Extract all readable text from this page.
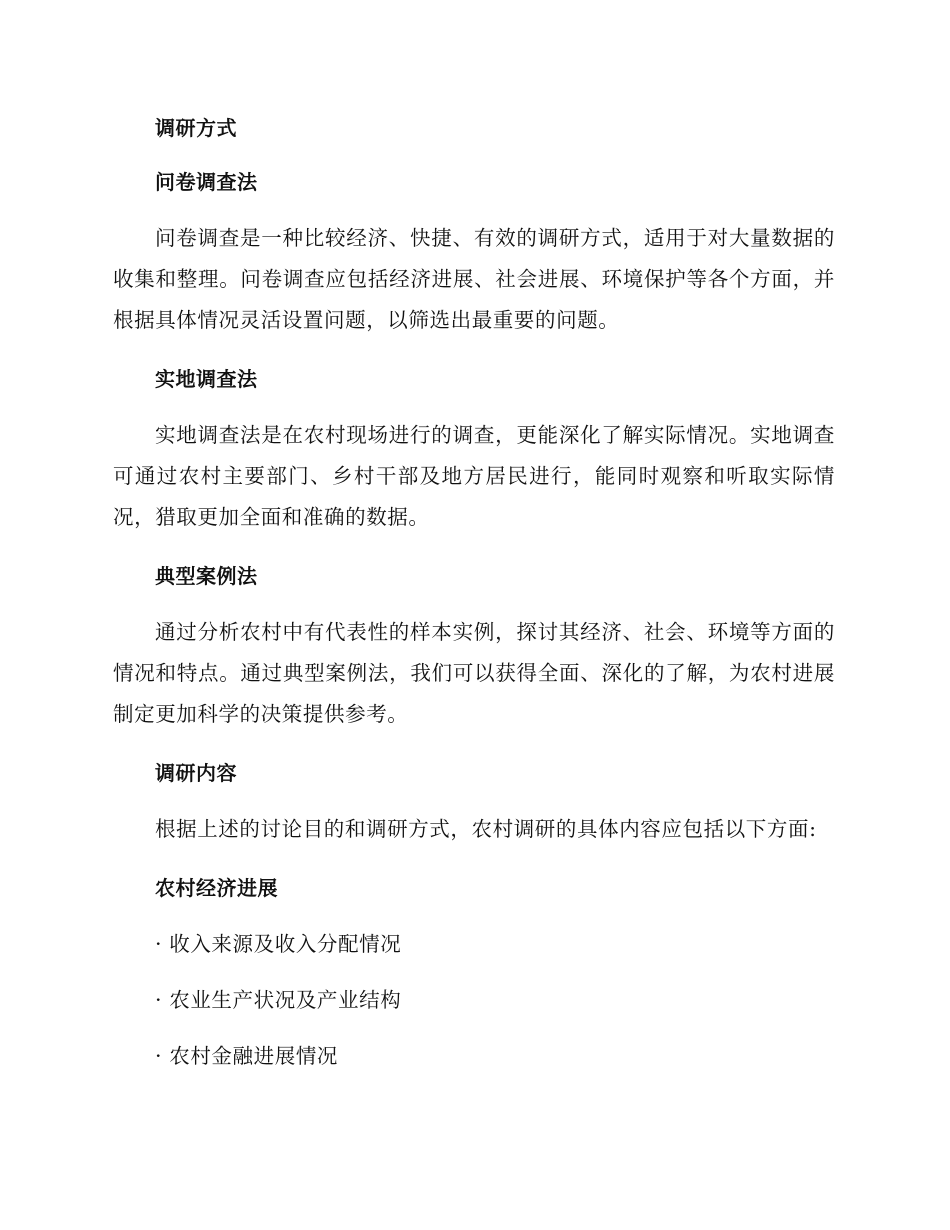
调研方式

问卷调查法

问卷调查是一种比较经济、快捷、有效的调研方式，适用于对大量数据的收集和整理。问卷调查应包括经济进展、社会进展、环境保护等各个方面，并根据具体情况灵活设置问题，以筛选出最重要的问题。

实地调查法

实地调查法是在农村现场进行的调查，更能深化了解实际情况。实地调查可通过农村主要部门、乡村干部及地方居民进行，能同时观察和听取实际情况，猎取更加全面和准确的数据。

典型案例法

通过分析农村中有代表性的样本实例，探讨其经济、社会、环境等方面的情况和特点。通过典型案例法，我们可以获得全面、深化的了解，为农村进展制定更加科学的决策提供参考。

调研内容

根据上述的讨论目的和调研方式，农村调研的具体内容应包括以下方面:

农村经济进展

· 收入来源及收入分配情况

· 农业生产状况及产业结构

· 农村金融进展情况
